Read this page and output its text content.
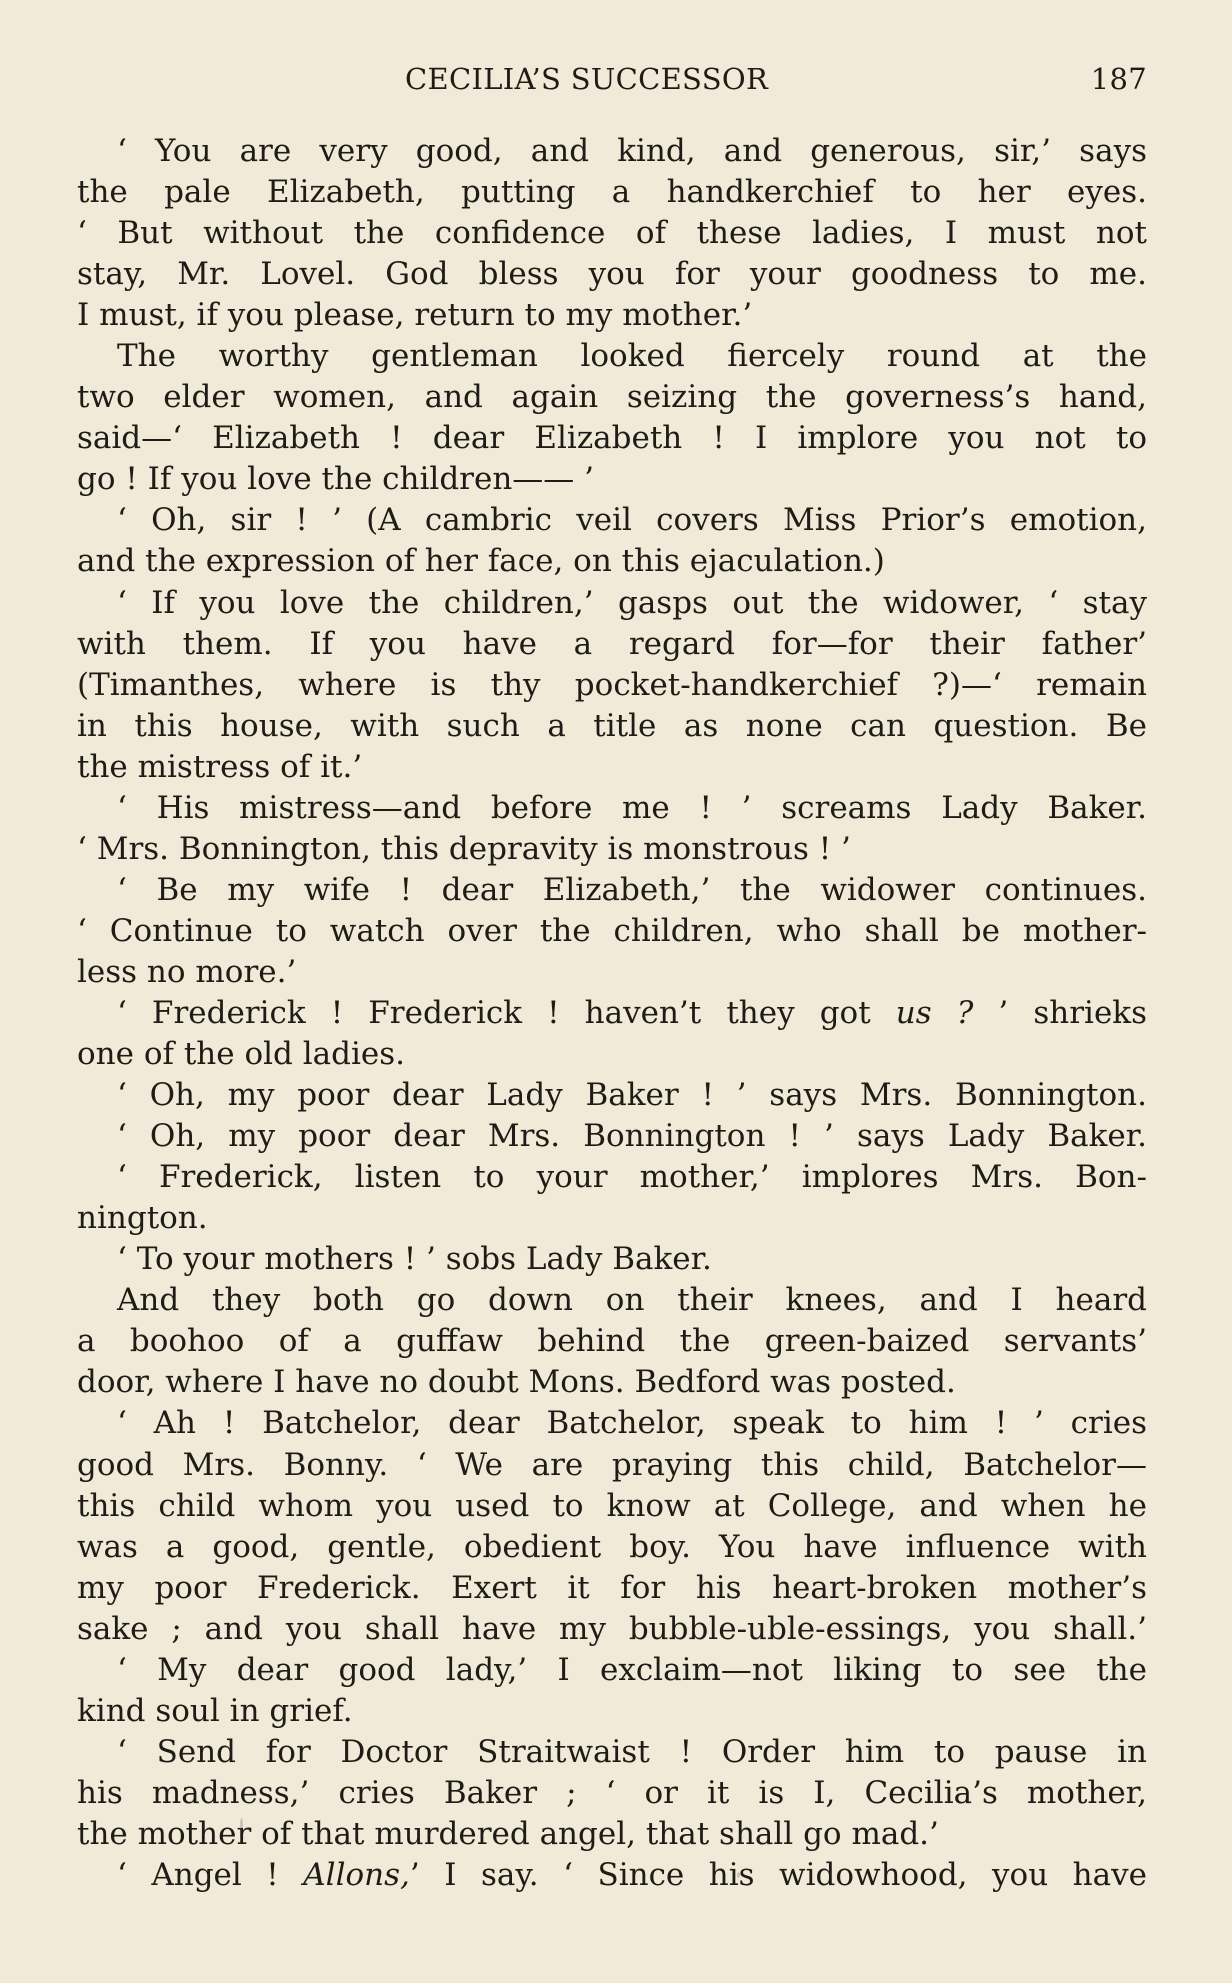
CECILIA’S SUCCESSOR	187
‘ You are very good, and kind, and generous, sir,’ says
the pale Elizabeth, putting a handkerchief to her eyes.
‘ But without the confidence of these ladies, I must not
stay, Mr. Lovel. God bless you for your goodness to me.
I must, if you please, return to my mother.’
The worthy gentleman looked fiercely round at the
two elder women, and again seizing the governess’s hand,
said—‘ Elizabeth ! dear Elizabeth ! I implore you not to
go ! If you love the children—— ’
‘ Oh, sir ! ’ (A cambric veil covers Miss Prior’s emotion,
and the expression of her face, on this ejaculation.)
‘ If you love the children,’ gasps out the widower, ‘ stay
with them. If you have a regard for—for their father’
(Timanthes, where is thy pocket-handkerchief ?)—‘ remain
in this house, with such a title as none can question. Be
the mistress of it.’
‘ His mistress—and before me ! ’ screams Lady Baker.
‘ Mrs. Bonnington, this depravity is monstrous ! ’
‘ Be my wife ! dear Elizabeth,’ the widower continues.
‘ Continue to watch over the children, who shall be mother-
less no more.’
‘ Frederick ! Frederick ! haven’t they got us ? ’ shrieks
one of the old ladies.
‘ Oh, my poor dear Lady Baker ! ’ says Mrs. Bonnington.
‘ Oh, my poor dear Mrs. Bonnington ! ’ says Lady Baker.
‘ Frederick, listen to your mother,’ implores Mrs. Bon-
nington.
‘ To your mothers ! ’ sobs Lady Baker.
And they both go down on their knees, and I heard
a boohoo of a guffaw behind the green-baized servants’
door, where I have no doubt Mons. Bedford was posted.
‘ Ah ! Batchelor, dear Batchelor, speak to him ! ’ cries
good Mrs. Bonny. ‘ We are praying this child, Batchelor—
this child whom you used to know at College, and when he
was a good, gentle, obedient boy. You have influence with
my poor Frederick. Exert it for his heart-broken mother’s
sake ; and you shall have my bubble-uble-essings, you shall.’
‘ My dear good lady,’ I exclaim—not liking to see the
kind soul in grief.
‘ Send for Doctor Straitwaist ! Order him to pause in
his madness,’ cries Baker ; ‘ or it is I, Cecilia’s mother,
the mother of that murdered angel, that shall go mad.’
‘ Angel ! Allons,’ I say. ‘ Since his widowhood, you have
